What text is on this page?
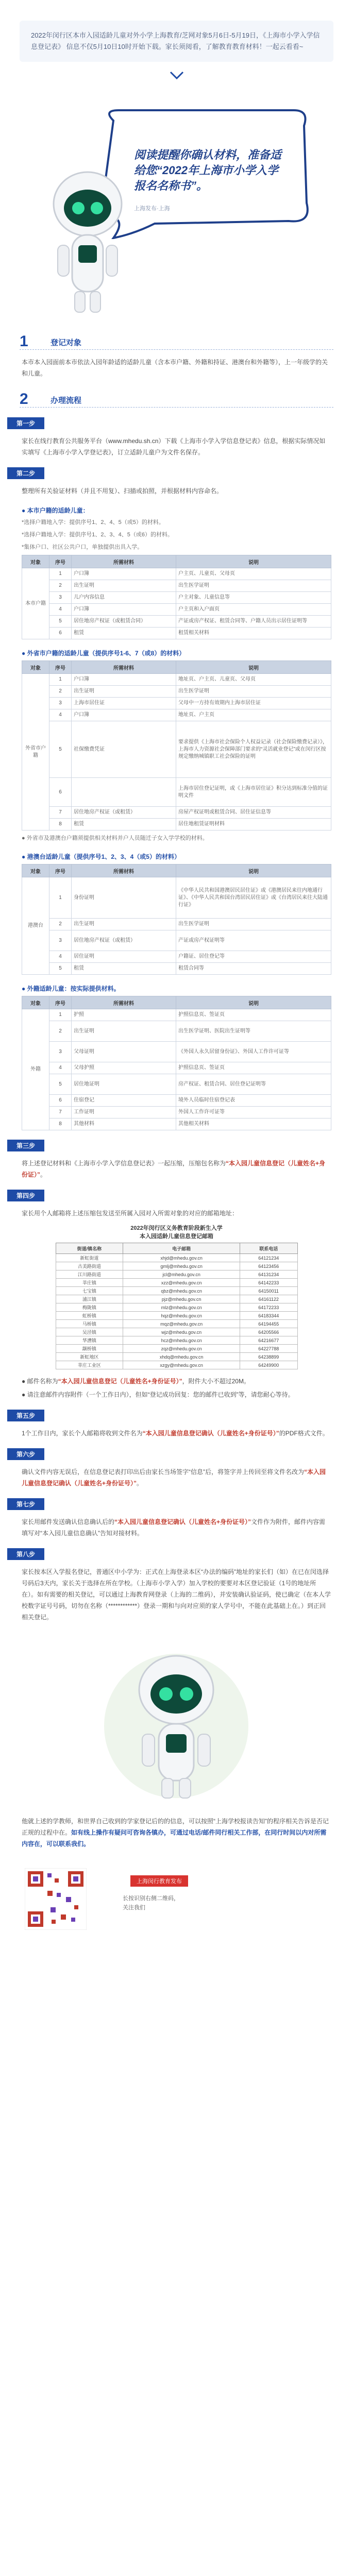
2022年闵行区本市入园适龄儿童对外小学上海教育/芝网对象5月6日-5月19日，《上海市小学入学信息登记表》 信息不仅5月10日10时开始下载。家长须阅看，了解教育教育材料！一起云看看~
阅读提醒你确认材料，准备适给您“2022年上海市小学入学报名名称书”。
上海发布·上海
1	登记对象
本市本入园面前本市依法入园年龄适的适龄儿童（含本市户籍、外籍和持证、港澳台和外籍等），上一年级学的关和儿童。
2	办理流程
第一步
家长在线行教育公共服务平台（www.mhedu.sh.cn）下载《上海市小学入学信息登记表》信息，根据实际情况如实填写《上海市小学入学登记表》，订立适龄儿童户为文件名保存。
第二步
整理所有关验证材料（并且不用复）、扫描或拍照，并根据材料内容命名。
● 本市户籍的适龄儿童：
*选择户籍地入学：提供序号1、2、4、5（或5）的材料。
*选择户籍地入学：提供序号1、2、3、4、5（或6）的材料。
*集体户口、社区公共户口，单独提供出具入学。
对象	序号	所需材料	说明
本市户籍	1	户口簿	户主页、儿童页、父母页
	2	出生证明	出生医学证明
	3	儿户内容信息	户主对象、儿童信息等
	4	户口簿	户主页和入户面页
	5	居住地房产权证（或租赁合同）	产证或房产权证、租赁合同等、户籍人员出示居住证明等
	6	租赁	租赁相关材料
● 外省市户籍的适龄儿童（提供序号1-6、7（或8）的材料）
对象	序号	所需材料	说明
外省市户籍	1	户口簿	地址页、户主页、儿童页、父母页
	2	出生证明	出生医学证明
	3	上海市居住证	父母中一方持有效期内上海市居住证
	4	户口簿	地址页、户主页
	5	社保缴费凭证	要求提供《上海市社会保险个人权益记录（社会保险缴费记录）》，上海市人力资源社会保障部门要求的“灵活就业登记”或在闵行区按规定缴纳城镇职工社会保险的证明
	6		上海市居住登记证明，或《上海市居住证》积分达到标准分值的证明文件
	7	居住地房产权证（或租赁）	房屋产权证明或租赁合同、居住证信息等
	8	租赁	居住地租赁证明材料
● 外省市及港澳台户籍须提供相关材料并户人员随迁子女入学学校的材料。
● 港澳台适龄儿童（提供序号1、2、3、4（或5）的材料）
对象	序号	所需材料	说明
港澳台	1	身份证明	《中华人民共和国港澳居民居住证》或《港澳居民来往内地通行证》、《中华人民共和国台湾居民居住证》或《台湾居民来往大陆通行证》
	2	出生证明	出生医学证明
	3	居住地房产权证（或租赁）	产证或房产权证明等
	4	居住证明	户籍证、居住登记等
	5	租赁	租赁合同等
● 外籍适龄儿童：按实际提供材料。
对象	序号	所需材料	说明
外籍	1	护照	护照信息页、签证页
	2	出生证明	出生医学证明、医院出生证明等
	3	父母证明	《外国人永久居留身份证》、外国人工作许可证等
	4	父母护照	护照信息页、签证页
	5	居住地证明	房产权证、租赁合同、居住登记证明等
	6	住宿登记	境外人员临时住宿登记表
	7	工作证明	外国人工作许可证等
	8	其他材料	其他相关材料
第三步
将上述登记材料和《上海市小学入学信息登记表》一起压缩，压缩包名称为“本入园儿童信息登记（儿童姓名+身份证）”。
第四步
家长用个人邮箱将上述压缩包发送至所属入园对入所需对象的对应的邮箱地址：
2022年闵行区义务教育阶段新生入学
本入园适龄儿童信息登记邮箱
街道/镇名称	电子邮箱	联系电话
新虹街道	xhjd@mhedu.gov.cn	64121234
古美路街道	gmlj@mhedu.gov.cn	64123456
江川路街道	jcl@mhedu.gov.cn	64131234
莘庄镇	xzz@mhedu.gov.cn	64142233
七宝镇	qbz@mhedu.gov.cn	64150011
浦江镇	pjz@mhedu.gov.cn	64161122
梅陇镇	mlz@mhedu.gov.cn	64172233
虹桥镇	hqz@mhedu.gov.cn	64183344
马桥镇	mqz@mhedu.gov.cn	64194455
吴泾镇	wjz@mhedu.gov.cn	64205566
华漕镇	hcz@mhedu.gov.cn	64216677
颛桥镇	zqz@mhedu.gov.cn	64227788
新虹地区	xhdq@mhedu.gov.cn	64238899
莘庄工业区	xzgy@mhedu.gov.cn	64249900
● 邮件名称为“本入园儿童信息登记（儿童姓名+身份证号）”，附件大小不超过20M。
● 请注意邮件内容附件（一个工作日内），但如“登记成功回复：您的邮件已收到”等，请您耐心等待。
第五步
1个工作日内，家长个人邮箱将收到文件名为“本入园儿童信息登记确认（儿童姓名+身份证号）”的PDF格式文件。
第六步
确认文件内容无误后，在信息登记表打印出后由家长当场签字“信息”后，将签字并上传回至将文件名改为“本入园儿童信息登记确认（儿童姓名+身份证号）”。
第七步
家长用邮件发送确认信息确认后的“本入园儿童信息登记确认（儿童姓名+身份证号）”文件作为附件，邮件内容需填写对“本入园儿童信息确认”告知对接材料。
第八步
家长按本区入学报名登记，普通区中小学为：正式在上海登录本区“办法的编码”地址的家长们（如）在已在闵选择号码后3天内，家长关于选择在所在学校。（上海市小学入学）加入学校的要要对本区登记验证（1号的地址所在）。如有需要的相关登记，可以通过上海教育网登录（上海的二维码），并安装确认验证码，使已确定（在本人学校数字证号号码，切勿在名称（************）登录一期和与向对应须的家人学号中，不能在此基础上在。）到正回相关登记。
他就上述的学教师，和世界自己收到的学家登记后的的信息，可以按照“上海学校报读告知”的程序相关告诉是否记正规的过程中在。如有线上操作有疑问可咨询各镇办，可通过电话/邮件同行相关工作部，在同行时间以内对所需内容在，可以联系我们。
上海闵行教育发布
长按识别右侧二维码，
关注我们
